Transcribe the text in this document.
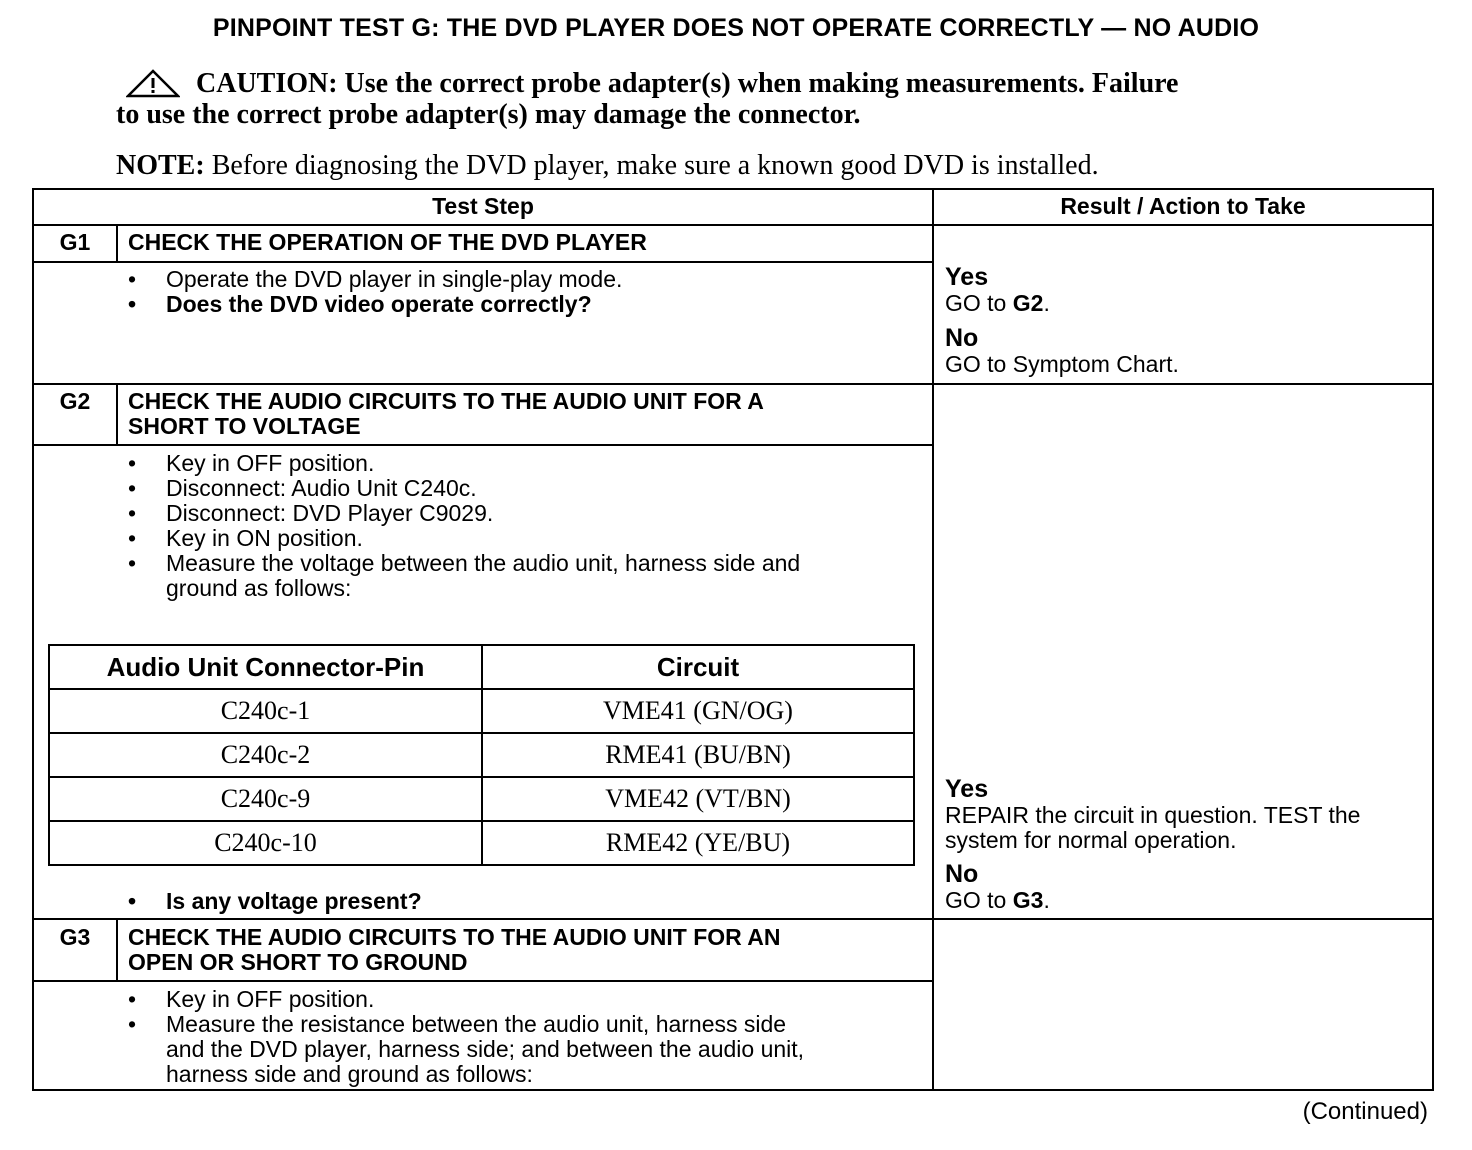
PINPOINT TEST G: THE DVD PLAYER DOES NOT OPERATE CORRECTLY — NO AUDIO
CAUTION: Use the correct probe adapter(s) when making measurements. Failure
to use the correct probe adapter(s) may damage the connector.
NOTE: Before diagnosing the DVD player, make sure a known good DVD is installed.
Test Step	Result / Action to Take
G1	CHECK THE OPERATION OF THE DVD PLAYER
• Operate the DVD player in single-play mode.
• Does the DVD video operate correctly?
Yes
GO to G2.
No
GO to Symptom Chart.
G2	CHECK THE AUDIO CIRCUITS TO THE AUDIO UNIT FOR A
SHORT TO VOLTAGE
• Key in OFF position.
• Disconnect: Audio Unit C240c.
• Disconnect: DVD Player C9029.
• Key in ON position.
• Measure the voltage between the audio unit, harness side and
ground as follows:
Audio Unit Connector-Pin	Circuit
C240c-1	VME41 (GN/OG)
C240c-2	RME41 (BU/BN)
C240c-9	VME42 (VT/BN)
C240c-10	RME42 (YE/BU)
• Is any voltage present?
Yes
REPAIR the circuit in question. TEST the
system for normal operation.
No
GO to G3.
G3	CHECK THE AUDIO CIRCUITS TO THE AUDIO UNIT FOR AN
OPEN OR SHORT TO GROUND
• Key in OFF position.
• Measure the resistance between the audio unit, harness side
and the DVD player, harness side; and between the audio unit,
harness side and ground as follows:
(Continued)
